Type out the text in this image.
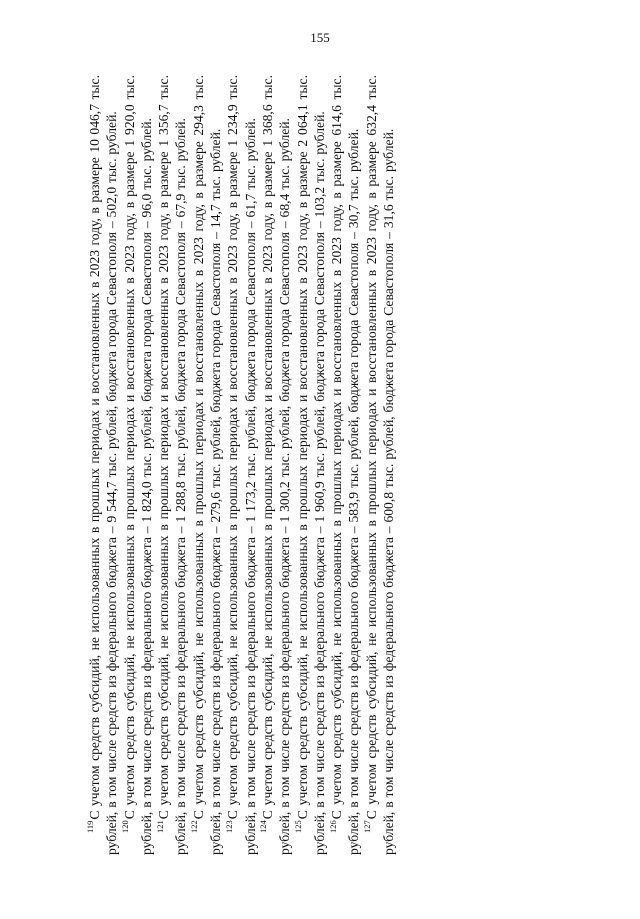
155

$^{119}$С учетом средств субсидий, не использованных в прошлых периодах и восстановленных в 2023 году, в размере 10 046,7 тыс. рублей, в том числе средств из федерального бюджета – 9 544,7 тыс. рублей, бюджета города Севастополя – 502,0 тыс. рублей. $^{120}$С учетом средств субсидий, не использованных в прошлых периодах и восстановленных в 2023 году, в размере 1 920,0 тыс. рублей, в том числе средств из федерального бюджета – 1 824,0 тыс. рублей, бюджета города Севастополя – 96,0 тыс. рублей. $^{121}$С учетом средств субсидий, не использованных в прошлых периодах и восстановленных в 2023 году, в размере 1 356,7 тыс. рублей, в том числе средств из федерального бюджета – 1 288,8 тыс. рублей, бюджета города Севастополя – 67,9 тыс. рублей. $^{122}$С учетом средств субсидий, не использованных в прошлых периодах и восстановленных в 2023 году, в размере 294,3 тыс. рублей, в том числе средств из федерального бюджета – 279,6 тыс. рублей, бюджета города Севастополя – 14,7 тыс. рублей. $^{123}$С учетом средств субсидий, не использованных в прошлых периодах и восстановленных в 2023 году, в размере 1 234,9 тыс. рублей, в том числе средств из федерального бюджета – 1 173,2 тыс. рублей, бюджета города Севастополя – 61,7 тыс. рублей. $^{124}$С учетом средств субсидий, не использованных в прошлых периодах и восстановленных в 2023 году, в размере 1 368,6 тыс. рублей, в том числе средств из федерального бюджета – 1 300,2 тыс. рублей, бюджета города Севастополя – 68,4 тыс. рублей. $^{125}$С учетом средств субсидий, не использованных в прошлых периодах и восстановленных в 2023 году, в размере 2 064,1 тыс. рублей, в том числе средств из федерального бюджета – 1 960,9 тыс. рублей, бюджета города Севастополя – 103,2 тыс. рублей. $^{126}$С учетом средств субсидий, не использованных в прошлых периодах и восстановленных в 2023 году, в размере 614,6 тыс. рублей, в том числе средств из федерального бюджета – 583,9 тыс. рублей, бюджета города Севастополя – 30,7 тыс. рублей. $^{127}$С учетом средств субсидий, не использованных в прошлых периодах и восстановленных в 2023 году, в размере 632,4 тыс. рублей, в том числе средств из федерального бюджета – 600,8 тыс. рублей, бюджета города Севастополя – 31,6 тыс. рублей.
